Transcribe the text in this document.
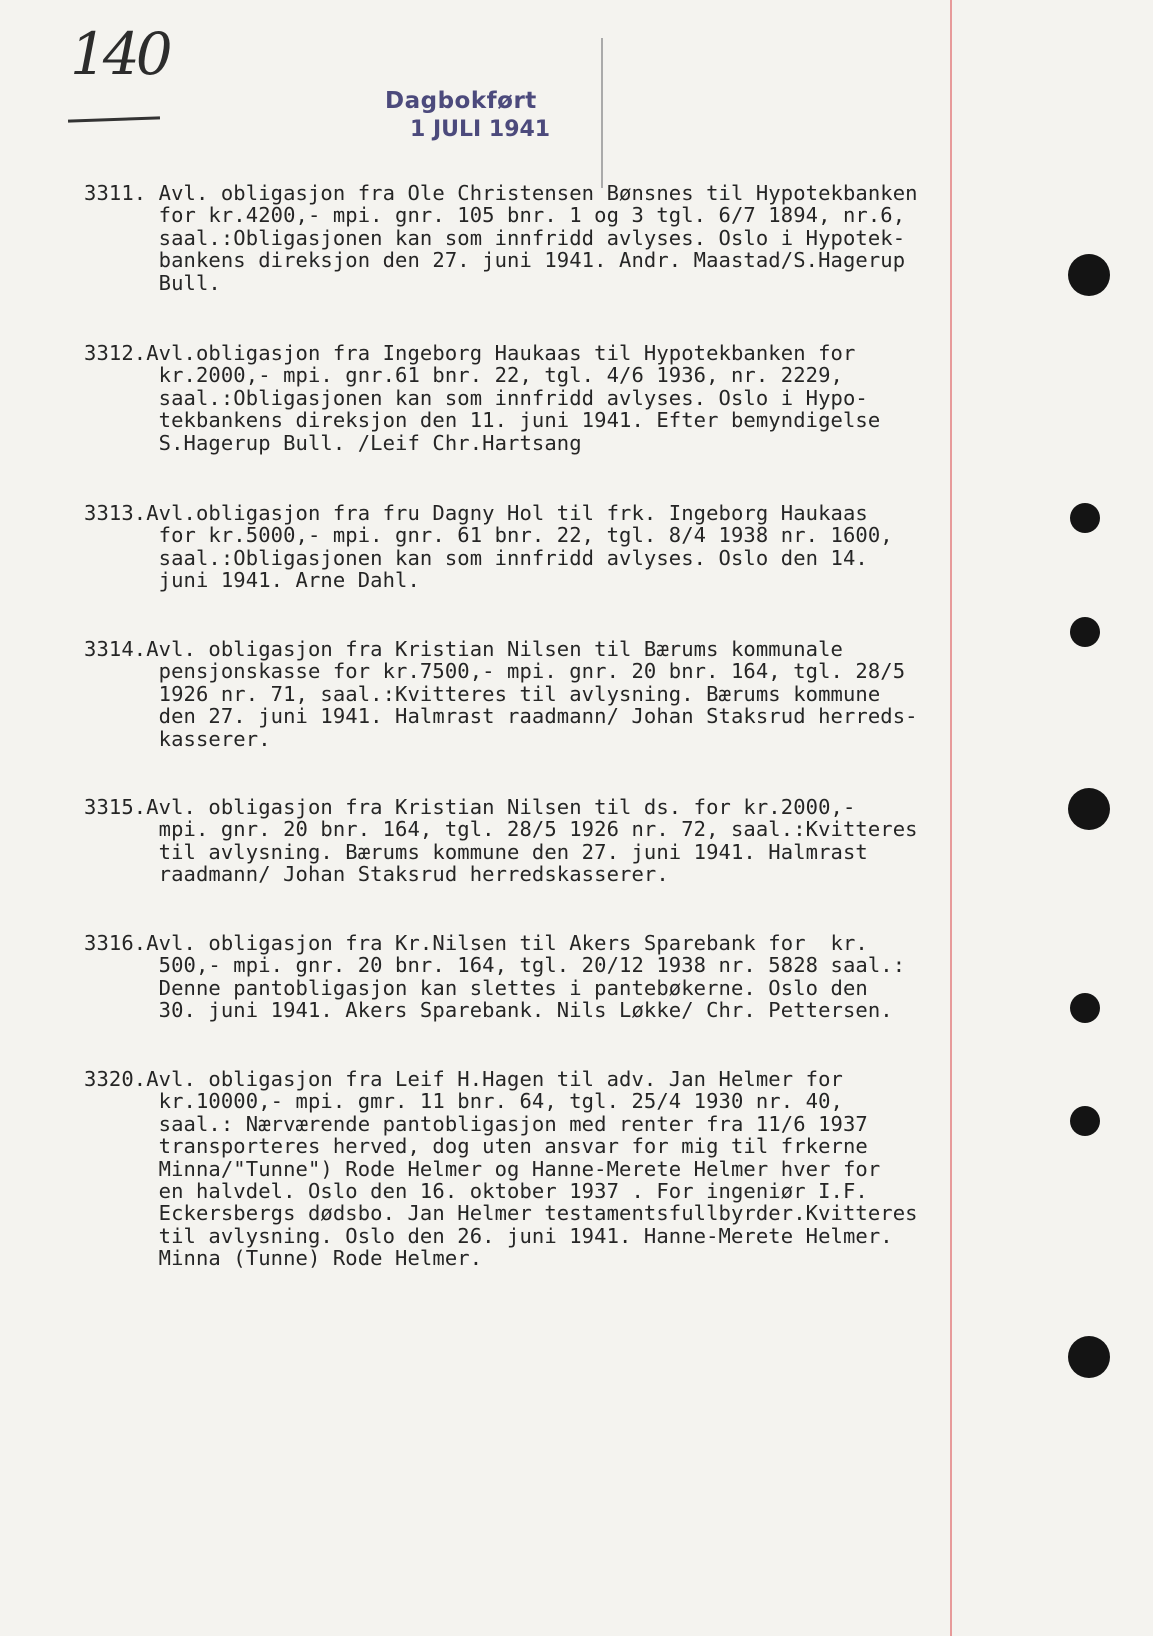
140
Dagbokført
1 JULI 1941
3311. Avl. obligasjon fra Ole Christensen Bønsnes til Hypotekbanken
for kr.4200,- mpi. gnr. 105 bnr. 1 og 3 tgl. 6/7 1894, nr.6,
saal.:Obligasjonen kan som innfridd avlyses. Oslo i Hypotek-
bankens direksjon den 27. juni 1941. Andr. Maastad/S.Hagerup
Bull.
3312.Avl.obligasjon fra Ingeborg Haukaas til Hypotekbanken for
kr.2000,- mpi. gnr.61 bnr. 22, tgl. 4/6 1936, nr. 2229,
saal.:Obligasjonen kan som innfridd avlyses. Oslo i Hypo-
tekbankens direksjon den 11. juni 1941. Efter bemyndigelse
S.Hagerup Bull. /Leif Chr.Hartsang
3313.Avl.obligasjon fra fru Dagny Hol til frk. Ingeborg Haukaas
for kr.5000,- mpi. gnr. 61 bnr. 22, tgl. 8/4 1938 nr. 1600,
saal.:Obligasjonen kan som innfridd avlyses. Oslo den 14.
juni 1941. Arne Dahl.
3314.Avl. obligasjon fra Kristian Nilsen til Bærums kommunale
pensjonskasse for kr.7500,- mpi. gnr. 20 bnr. 164, tgl. 28/5
1926 nr. 71, saal.:Kvitteres til avlysning. Bærums kommune
den 27. juni 1941. Halmrast raadmann/ Johan Staksrud herreds-
kasserer.
3315.Avl. obligasjon fra Kristian Nilsen til ds. for kr.2000,-
mpi. gnr. 20 bnr. 164, tgl. 28/5 1926 nr. 72, saal.:Kvitteres
til avlysning. Bærums kommune den 27. juni 1941. Halmrast
raadmann/ Johan Staksrud herredskasserer.
3316.Avl. obligasjon fra Kr.Nilsen til Akers Sparebank for  kr.
500,- mpi. gnr. 20 bnr. 164, tgl. 20/12 1938 nr. 5828 saal.:
Denne pantobligasjon kan slettes i pantebøkerne. Oslo den
30. juni 1941. Akers Sparebank. Nils Løkke/ Chr. Pettersen.
3320.Avl. obligasjon fra Leif H.Hagen til adv. Jan Helmer for
kr.10000,- mpi. gmr. 11 bnr. 64, tgl. 25/4 1930 nr. 40,
saal.: Nærværende pantobligasjon med renter fra 11/6 1937
transporteres herved, dog uten ansvar for mig til frkerne
Minna/"Tunne") Rode Helmer og Hanne-Merete Helmer hver for
en halvdel. Oslo den 16. oktober 1937 . For ingeniør I.F.
Eckersbergs dødsbo. Jan Helmer testamentsfullbyrder.Kvitteres
til avlysning. Oslo den 26. juni 1941. Hanne-Merete Helmer.
Minna (Tunne) Rode Helmer.
